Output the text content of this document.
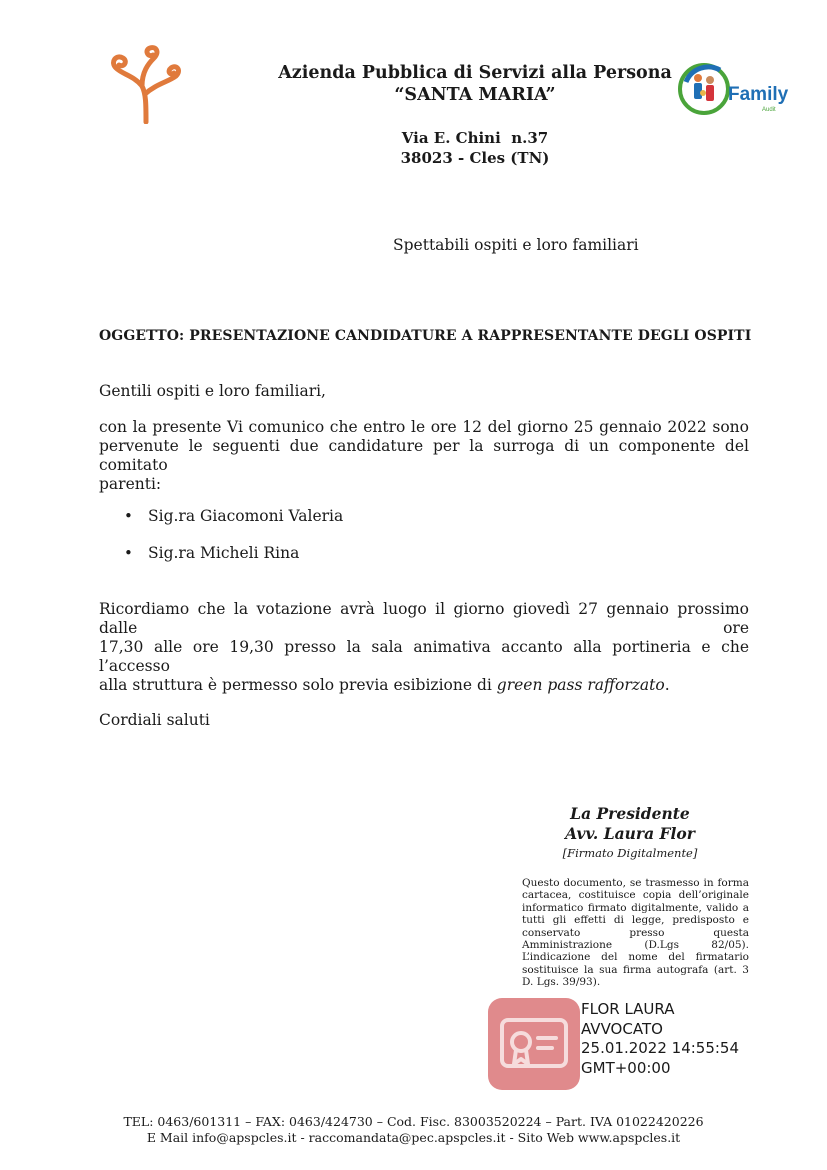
Azienda Pubblica di Servizi alla Persona
“SANTA MARIA”	Family
Audit
Via E. Chini  n.37
38023 - Cles (TN)
Spettabili ospiti e loro familiari
OGGETTO: PRESENTAZIONE CANDIDATURE A RAPPRESENTANTE DEGLI OSPITI
Gentili ospiti e loro familiari,
con la presente Vi comunico che entro le ore 12 del giorno 25 gennaio 2022 sono
pervenute le seguenti due candidature per la surroga di un componente del comitato
parenti:
• Sig.ra Giacomoni Valeria
• Sig.ra Micheli Rina
Ricordiamo che la votazione avrà luogo il giorno giovedì 27 gennaio prossimo dalle ore
17,30 alle ore 19,30 presso la sala animativa accanto alla portineria e che l’accesso
alla struttura è permesso solo previa esibizione di green pass rafforzato.
Cordiali saluti
La Presidente
Avv. Laura Flor
[Firmato Digitalmente]
Questo documento, se trasmesso in forma cartacea, costituisce copia dell’originale informatico firmato digitalmente, valido a tutti gli effetti di legge, predisposto e conservato presso questa Amministrazione (D.Lgs 82/05). L’indicazione del nome del firmatario sostituisce la sua firma autografa (art. 3 D. Lgs. 39/93).
FLOR LAURA
AVVOCATO
25.01.2022 14:55:54
GMT+00:00
TEL: 0463/601311 – FAX: 0463/424730 – Cod. Fisc. 83003520224 – Part. IVA 01022420226
E Mail info@apspcles.it - raccomandata@pec.apspcles.it - Sito Web www.apspcles.it
